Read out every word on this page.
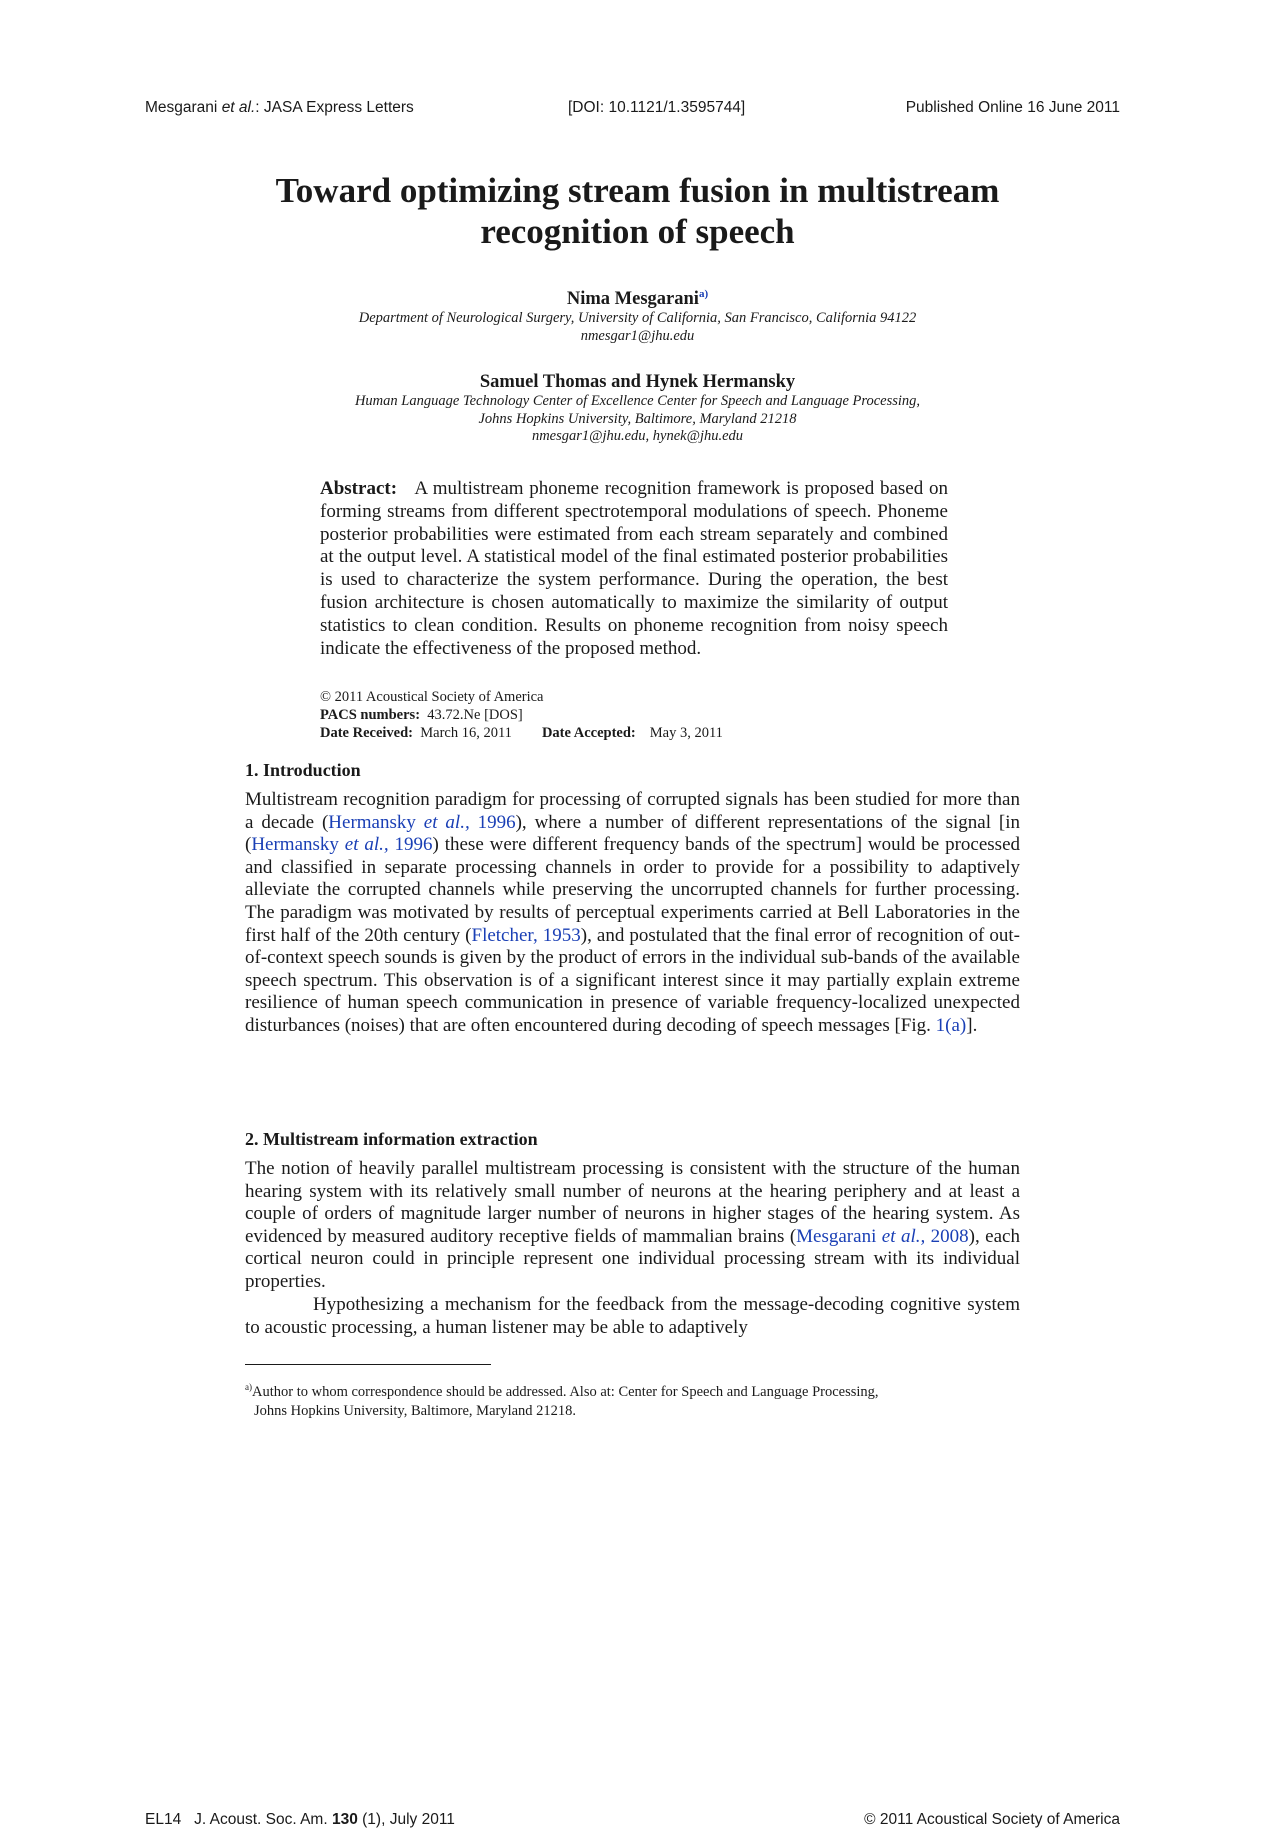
Mesgarani et al.: JASA Express Letters	[DOI: 10.1121/1.3595744]	Published Online 16 June 2011
Toward optimizing stream fusion in multistream
recognition of speech
Nima Mesgarani$^{a)}$
Department of Neurological Surgery, University of California, San Francisco, California 94122
nmesgar1@jhu.edu
Samuel Thomas and Hynek Hermansky
Human Language Technology Center of Excellence Center for Speech and Language Processing,
Johns Hopkins University, Baltimore, Maryland 21218
nmesgar1@jhu.edu, hynek@jhu.edu
Abstract: A multistream phoneme recognition framework is proposed based on forming streams from different spectrotemporal modulations of speech. Phoneme posterior probabilities were estimated from each stream separately and combined at the output level. A statistical model of the final estimated posterior probabilities is used to characterize the system performance. During the operation, the best fusion architecture is chosen automatically to maximize the similarity of output statistics to clean condition. Results on phoneme recognition from noisy speech indicate the effectiveness of the proposed method.
© 2011 Acoustical Society of America
PACS numbers: 43.72.Ne [DOS]
Date Received: March 16, 2011 Date Accepted: May 3, 2011
1. Introduction
Multistream recognition paradigm for processing of corrupted signals has been studied for more than a decade (Hermansky et al., 1996), where a number of different representations of the signal [in (Hermansky et al., 1996) these were different frequency bands of the spectrum] would be processed and classified in separate processing channels in order to provide for a possibility to adaptively alleviate the corrupted channels while preserving the uncorrupted channels for further processing. The paradigm was motivated by results of perceptual experiments carried at Bell Laboratories in the first half of the 20th century (Fletcher, 1953), and postulated that the final error of recognition of out-of-context speech sounds is given by the product of errors in the individual sub-bands of the available speech spectrum. This observation is of a significant interest since it may partially explain extreme resilience of human speech communication in presence of variable frequency-localized unexpected disturbances (noises) that are often encountered during decoding of speech messages [Fig. 1(a)].
2. Multistream information extraction
The notion of heavily parallel multistream processing is consistent with the structure of the human hearing system with its relatively small number of neurons at the hearing periphery and at least a couple of orders of magnitude larger number of neurons in higher stages of the hearing system. As evidenced by measured auditory receptive fields of mammalian brains (Mesgarani et al., 2008), each cortical neuron could in principle represent one individual processing stream with its individual properties.
Hypothesizing a mechanism for the feedback from the message-decoding cognitive system to acoustic processing, a human listener may be able to adaptively
$^{a)}$Author to whom correspondence should be addressed. Also at: Center for Speech and Language Processing,
Johns Hopkins University, Baltimore, Maryland 21218.
EL14 J. Acoust. Soc. Am. 130 (1), July 2011	© 2011 Acoustical Society of America
